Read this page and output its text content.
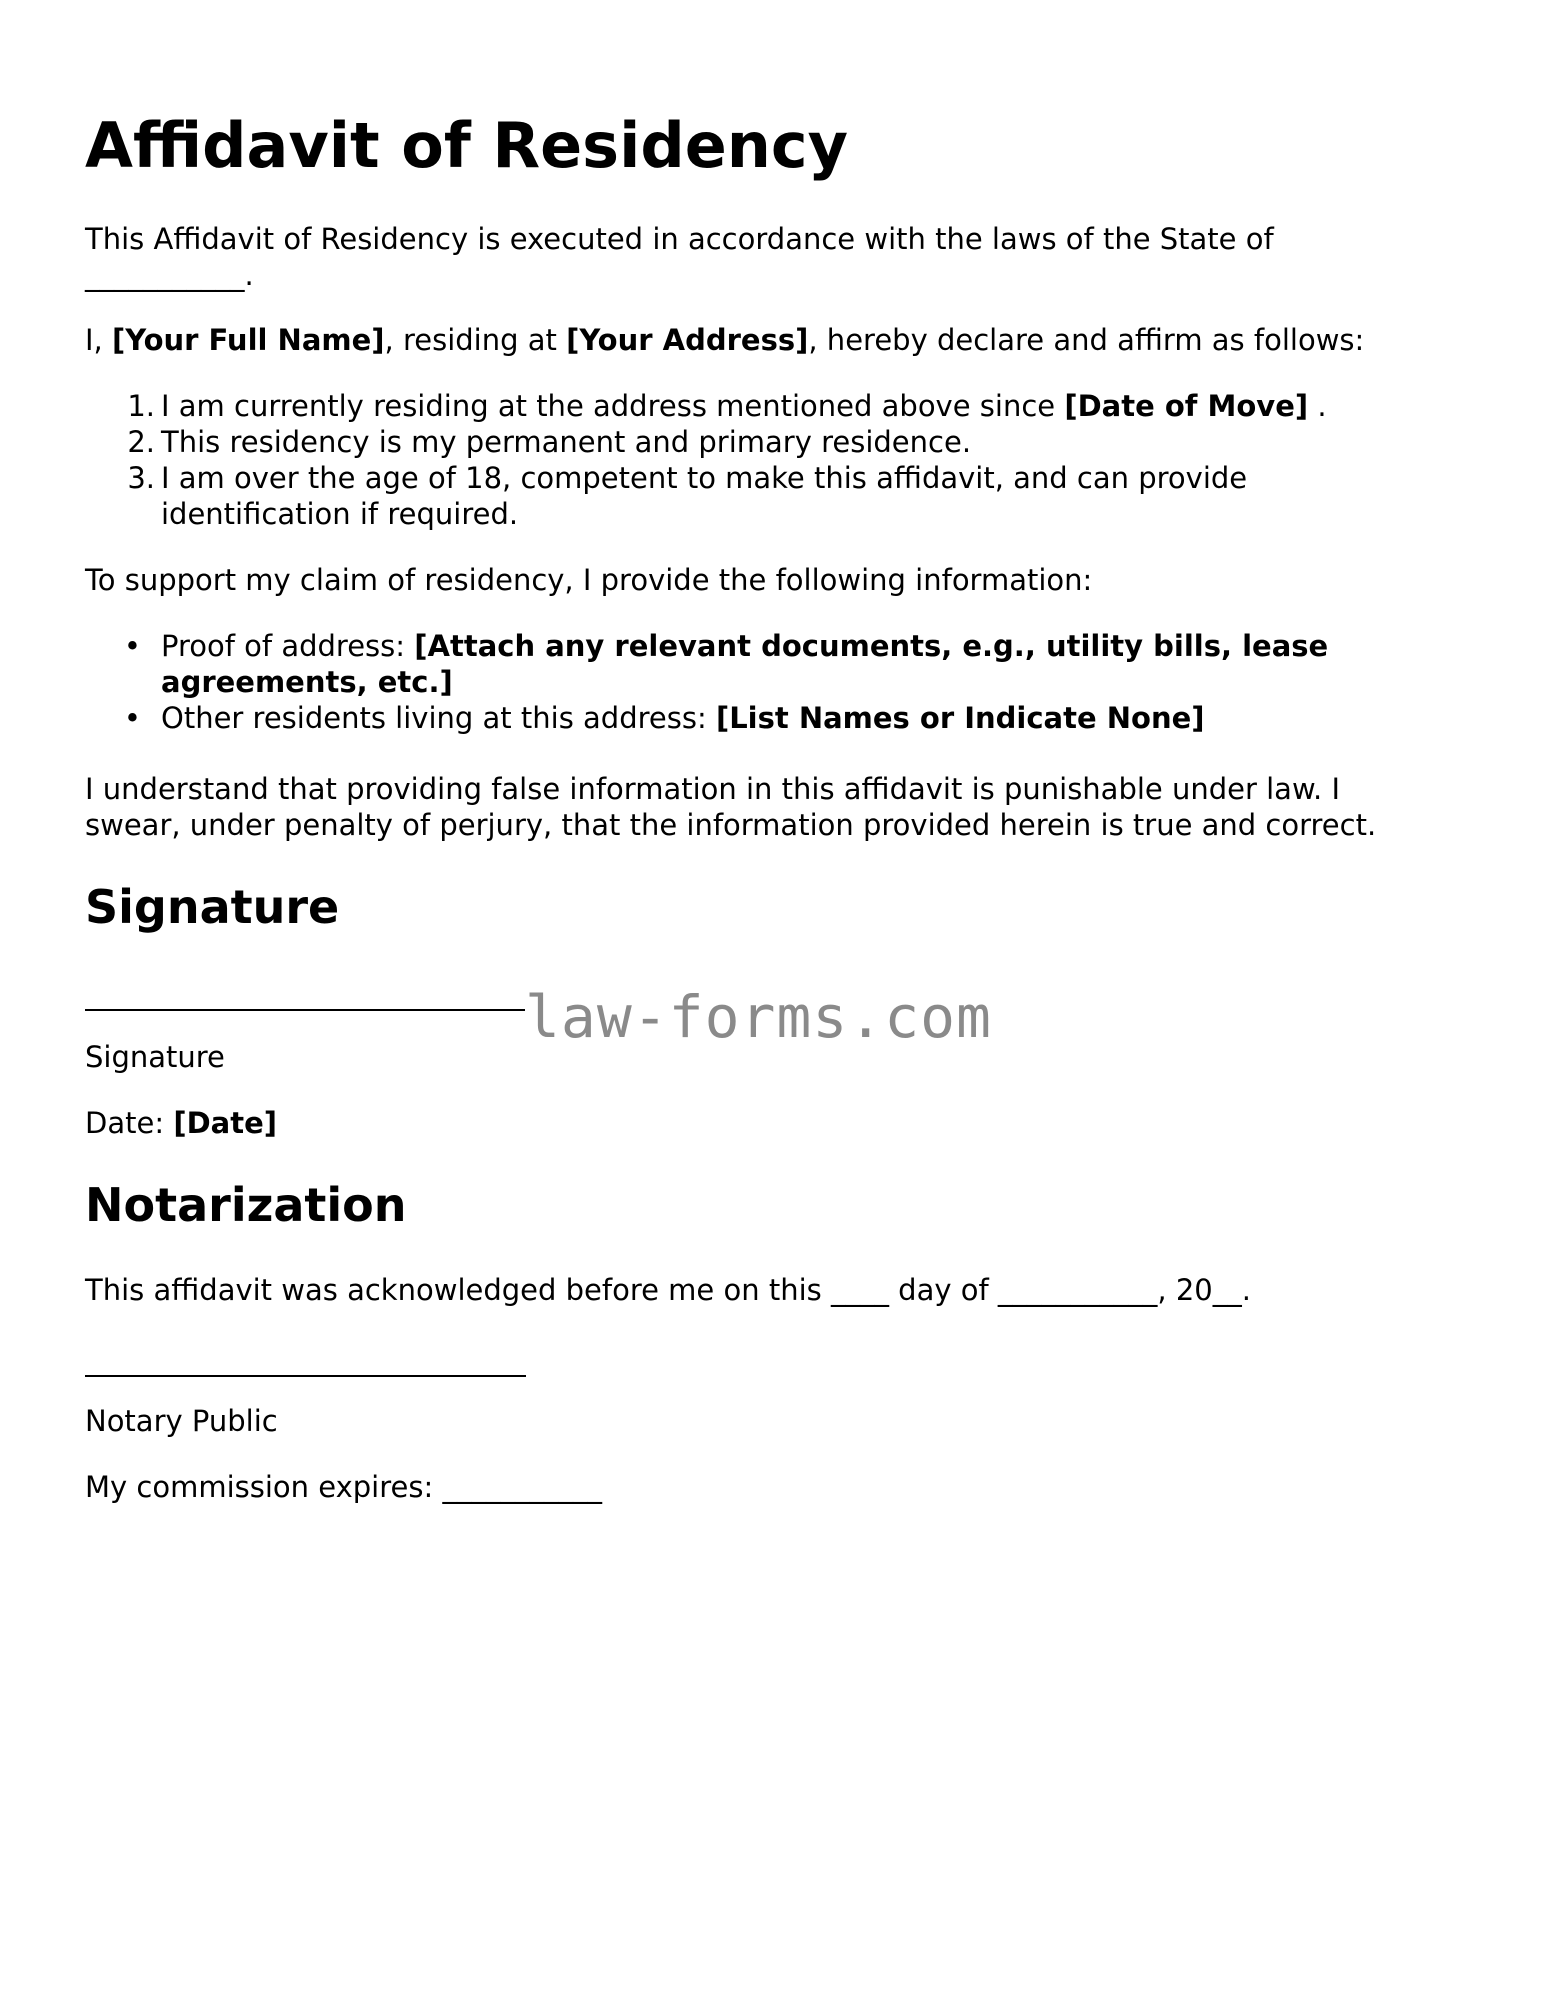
Affidavit of Residency

This Affidavit of Residency is executed in accordance with the laws of the State of

___________.

I, [Your Full Name], residing at [Your Address], hereby declare and affirm as follows:

1. I am currently residing at the address mentioned above since [Date of Move] .

2. This residency is my permanent and primary residence.

3. I am over the age of 18, competent to make this affidavit, and can provide

identification if required.

To support my claim of residency, I provide the following information:

• Proof of address: [Attach any relevant documents, e.g., utility bills, lease

agreements, etc.]

• Other residents living at this address: [List Names or Indicate None]

I understand that providing false information in this affidavit is punishable under law. I

swear, under penalty of perjury, that the information provided herein is true and correct.

Signature
law-forms.com

Signature

Date: [Date]

Notarization

This affidavit was acknowledged before me on this ____ day of ___________, 20__.

Notary Public

My commission expires: ___________
